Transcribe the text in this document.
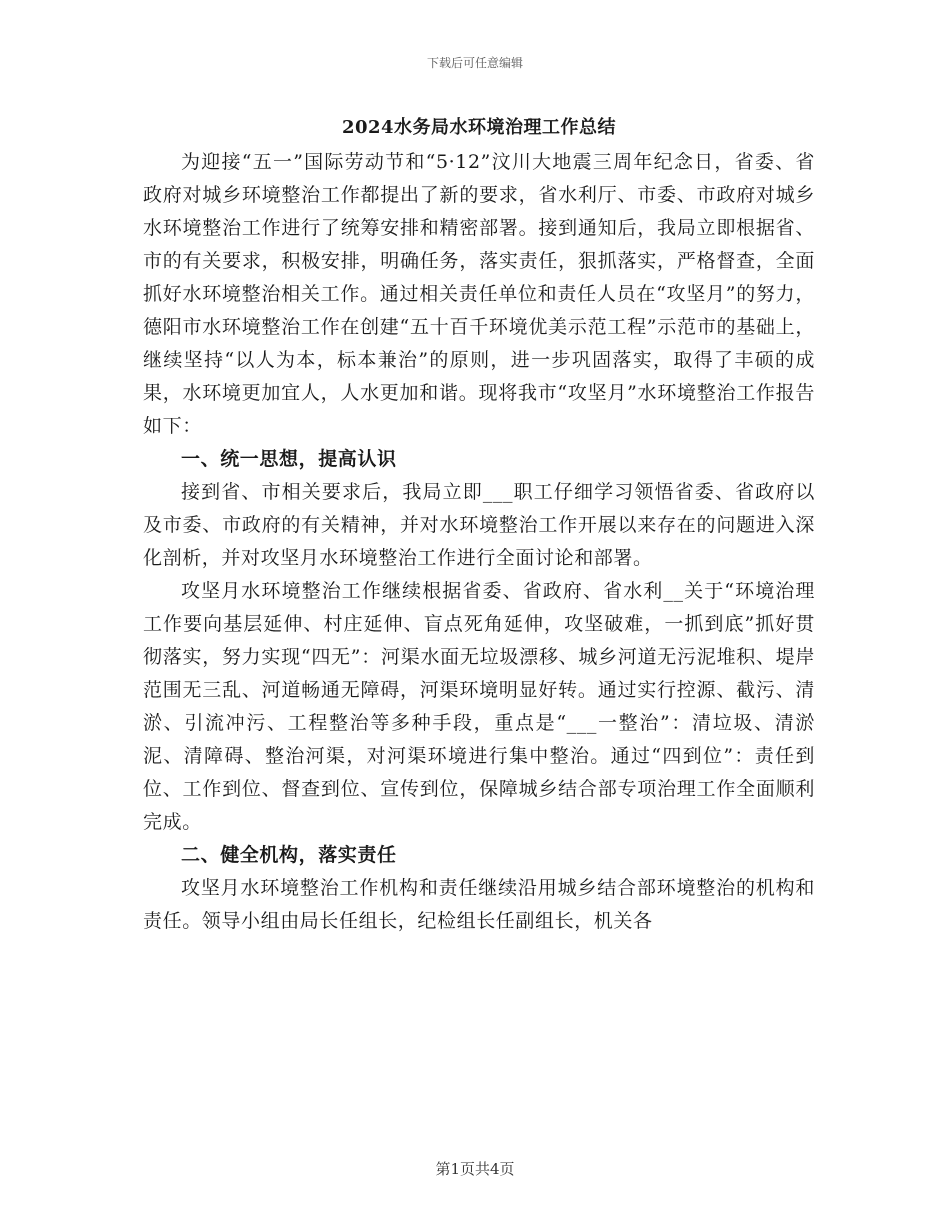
下载后可任意编辑
2024水务局水环境治理工作总结

为迎接“五一”国际劳动节和“5·12”汶川大地震三周年纪念日，省委、省政府对城乡环境整治工作都提出了新的要求，省水利厅、市委、市政府对城乡水环境整治工作进行了统筹安排和精密部署。接到通知后，我局立即根据省、市的有关要求，积极安排，明确任务，落实责任，狠抓落实，严格督查，全面抓好水环境整治相关工作。通过相关责任单位和责任人员在“攻坚月”的努力，德阳市水环境整治工作在创建“五十百千环境优美示范工程”示范市的基础上，继续坚持“以人为本，标本兼治”的原则，进一步巩固落实，取得了丰硕的成果，水环境更加宜人，人水更加和谐。现将我市“攻坚月”水环境整治工作报告如下：

一、统一思想，提高认识

接到省、市相关要求后，我局立即___职工仔细学习领悟省委、省政府以及市委、市政府的有关精神，并对水环境整治工作开展以来存在的问题进入深化剖析，并对攻坚月水环境整治工作进行全面讨论和部署。

攻坚月水环境整治工作继续根据省委、省政府、省水利__关于“环境治理工作要向基层延伸、村庄延伸、盲点死角延伸，攻坚破难，一抓到底”抓好贯彻落实，努力实现“四无”：河渠水面无垃圾漂移、城乡河道无污泥堆积、堤岸范围无三乱、河道畅通无障碍，河渠环境明显好转。通过实行控源、截污、清淤、引流冲污、工程整治等多种手段，重点是“___一整治”：清垃圾、清淤泥、清障碍、整治河渠，对河渠环境进行集中整治。通过“四到位”：责任到位、工作到位、督查到位、宣传到位，保障城乡结合部专项治理工作全面顺利完成。

二、健全机构，落实责任

攻坚月水环境整治工作机构和责任继续沿用城乡结合部环境整治的机构和责任。领导小组由局长任组长，纪检组长任副组长，机关各

第1页共4页
